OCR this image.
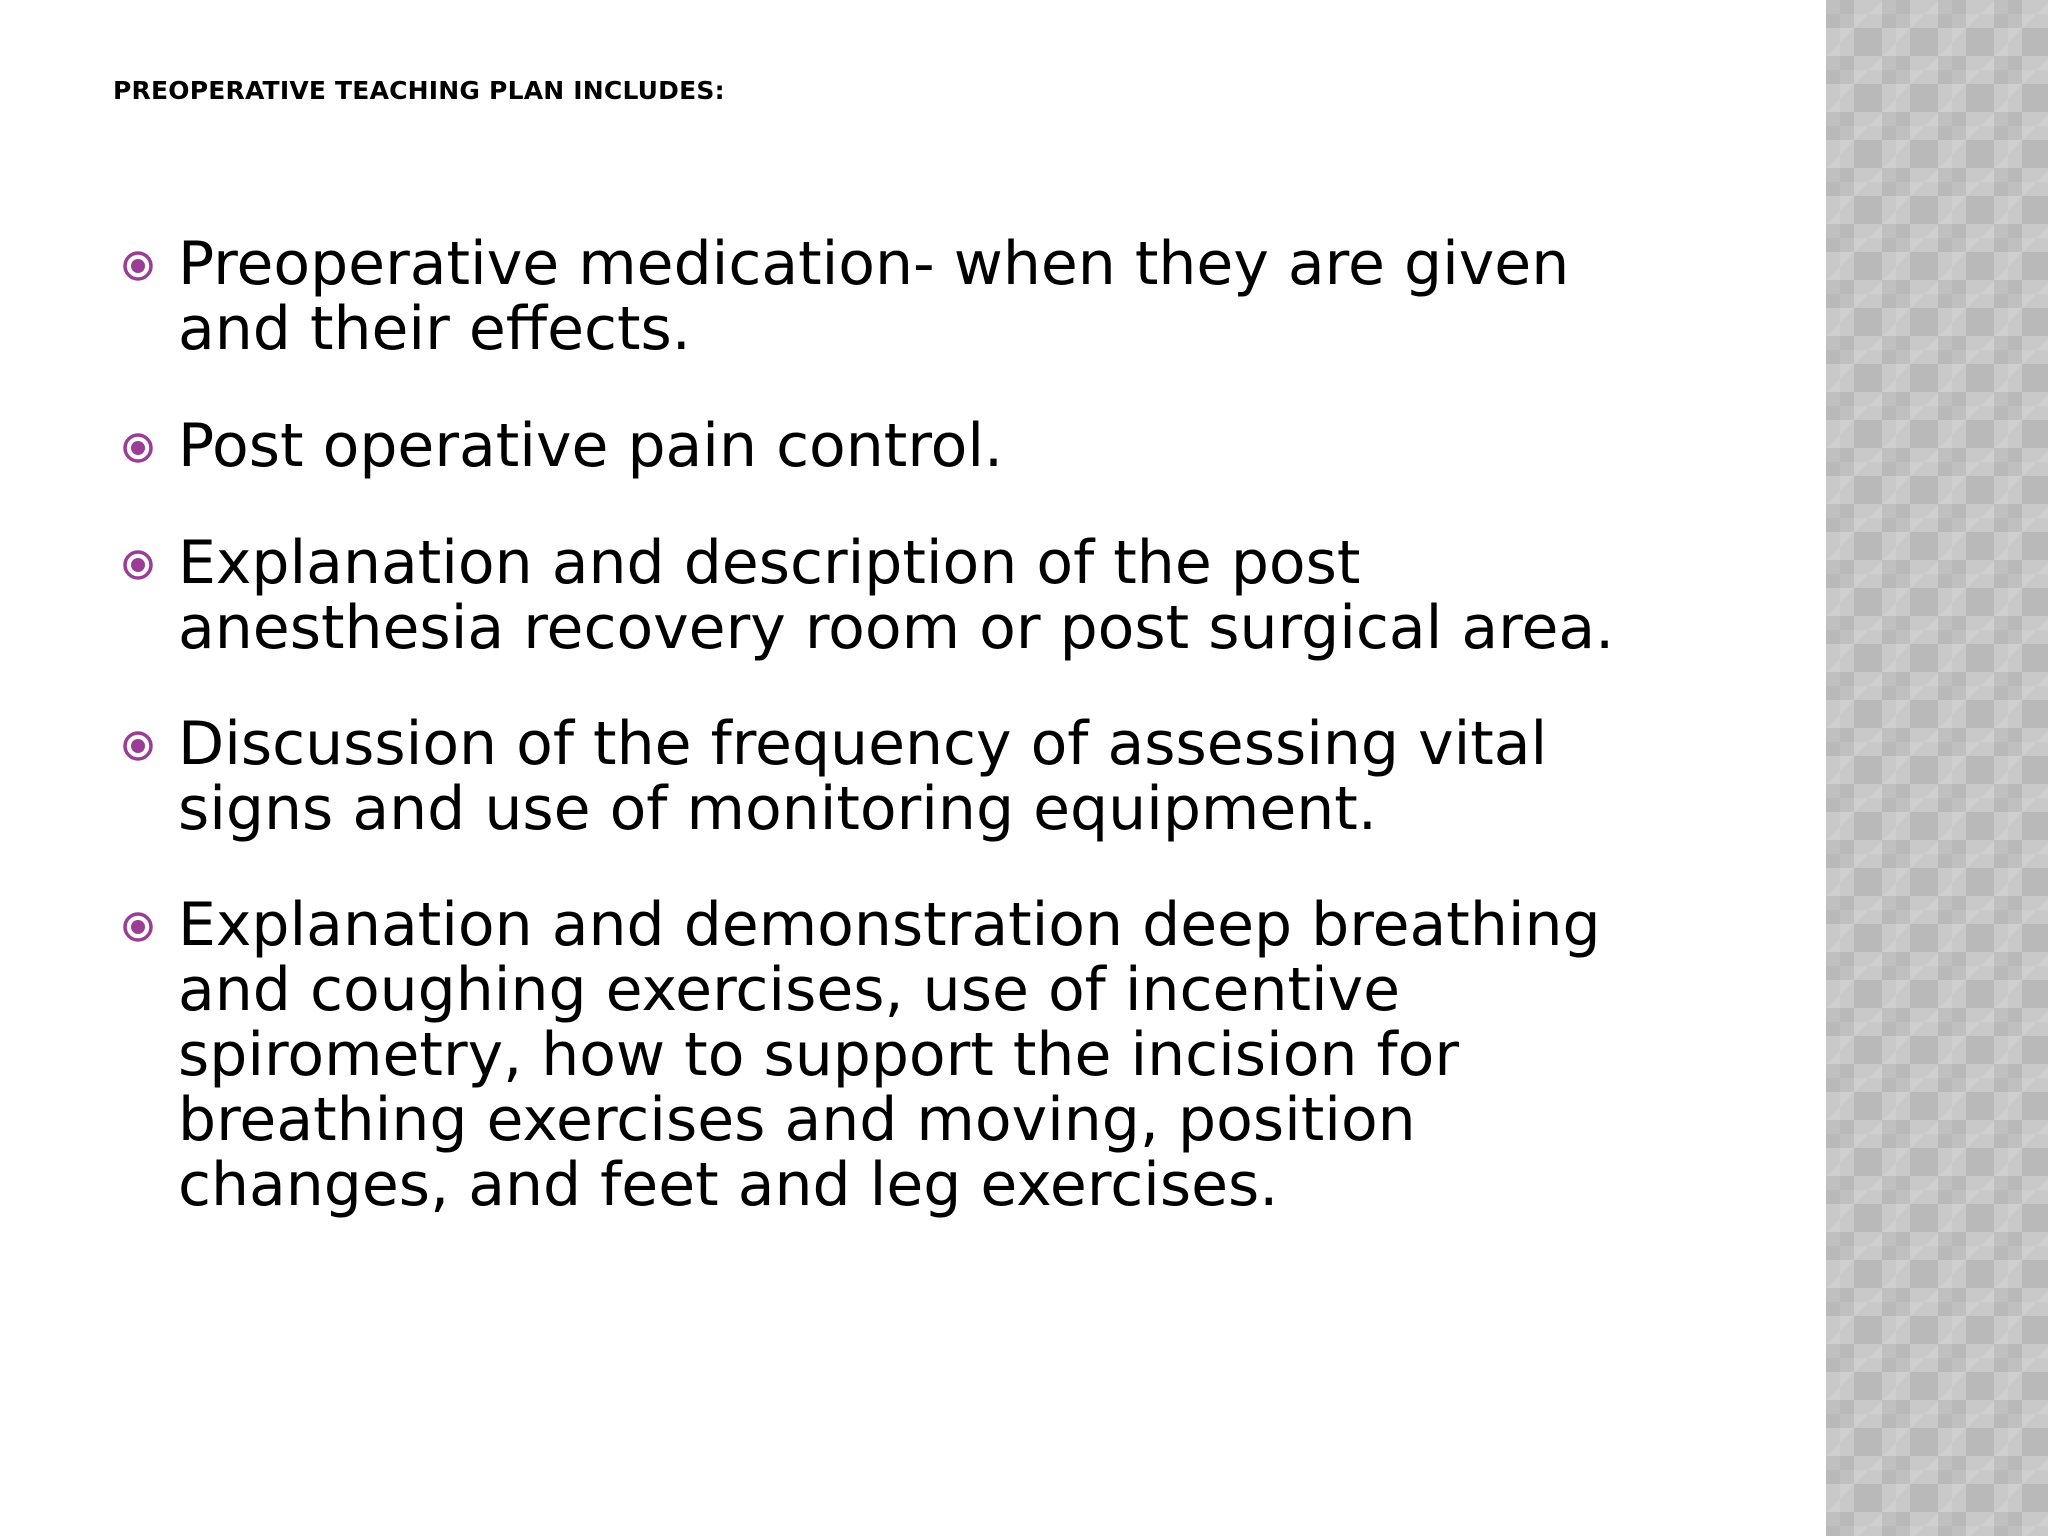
PREOPERATIVE TEACHING PLAN INCLUDES:
Preoperative medication- when they are given and their effects.
Post operative pain control.
Explanation and description of the post anesthesia recovery room or post surgical area.
Discussion of the frequency of assessing vital signs and use of monitoring equipment.
Explanation and demonstration deep breathing and coughing exercises, use of incentive spirometry, how to support the incision for breathing exercises and moving, position changes, and feet and leg exercises.
